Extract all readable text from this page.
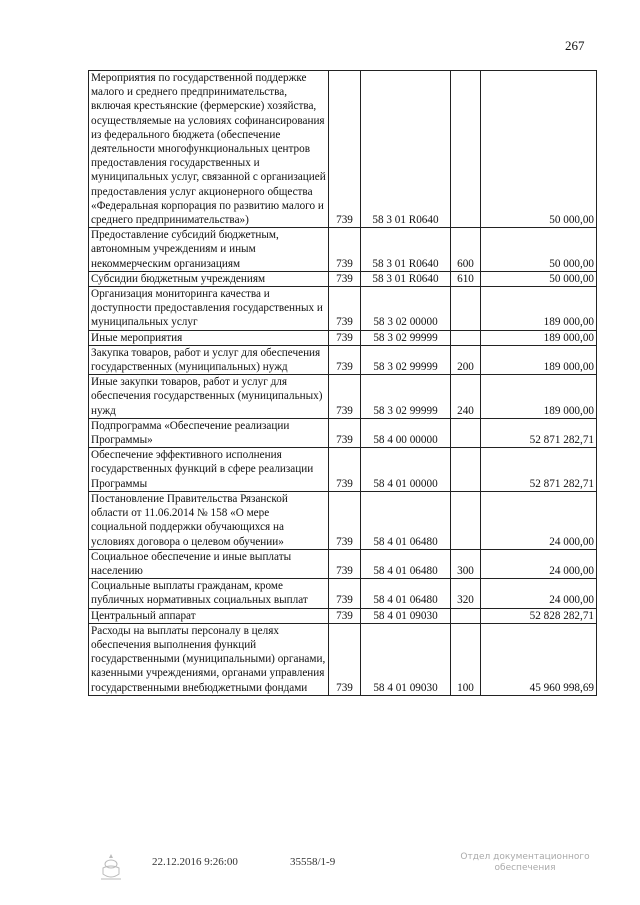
267
Мероприятия по государственной поддержке малого и среднего предпринимательства, включая крестьянские (фермерские) хозяйства, осуществляемые на условиях софинансирования из федерального бюджета (обеспечение деятельности многофункциональных центров предоставления государственных и муниципальных услуг, связанной с организацией предоставления услуг акционерного общества «Федеральная корпорация по развитию малого и среднего предпринимательства»)	739	58 3 01 R0640		50 000,00
Предоставление субсидий бюджетным, автономным учреждениям и иным некоммерческим организациям	739	58 3 01 R0640	600	50 000,00
Субсидии бюджетным учреждениям	739	58 3 01 R0640	610	50 000,00
Организация мониторинга качества и доступности предоставления государственных и муниципальных услуг	739	58 3 02 00000		189 000,00
Иные мероприятия	739	58 3 02 99999		189 000,00
Закупка товаров, работ и услуг для обеспечения государственных (муниципальных) нужд	739	58 3 02 99999	200	189 000,00
Иные закупки товаров, работ и услуг для обеспечения государственных (муниципальных) нужд	739	58 3 02 99999	240	189 000,00
Подпрограмма «Обеспечение реализации Программы»	739	58 4 00 00000		52 871 282,71
Обеспечение эффективного исполнения государственных функций в сфере реализации Программы	739	58 4 01 00000		52 871 282,71
Постановление Правительства Рязанской области от 11.06.2014 № 158 «О мере социальной поддержки обучающихся на условиях договора о целевом обучении»	739	58 4 01 06480		24 000,00
Социальное обеспечение и иные выплаты населению	739	58 4 01 06480	300	24 000,00
Социальные выплаты гражданам, кроме публичных нормативных социальных выплат	739	58 4 01 06480	320	24 000,00
Центральный аппарат	739	58 4 01 09030		52 828 282,71
Расходы на выплаты персоналу в целях обеспечения выполнения функций государственными (муниципальными) органами, казенными учреждениями, органами управления государственными внебюджетными фондами	739	58 4 01 09030	100	45 960 998,69
22.12.2016 9:26:00	35558/1-9	Отдел документационного обеспечения
